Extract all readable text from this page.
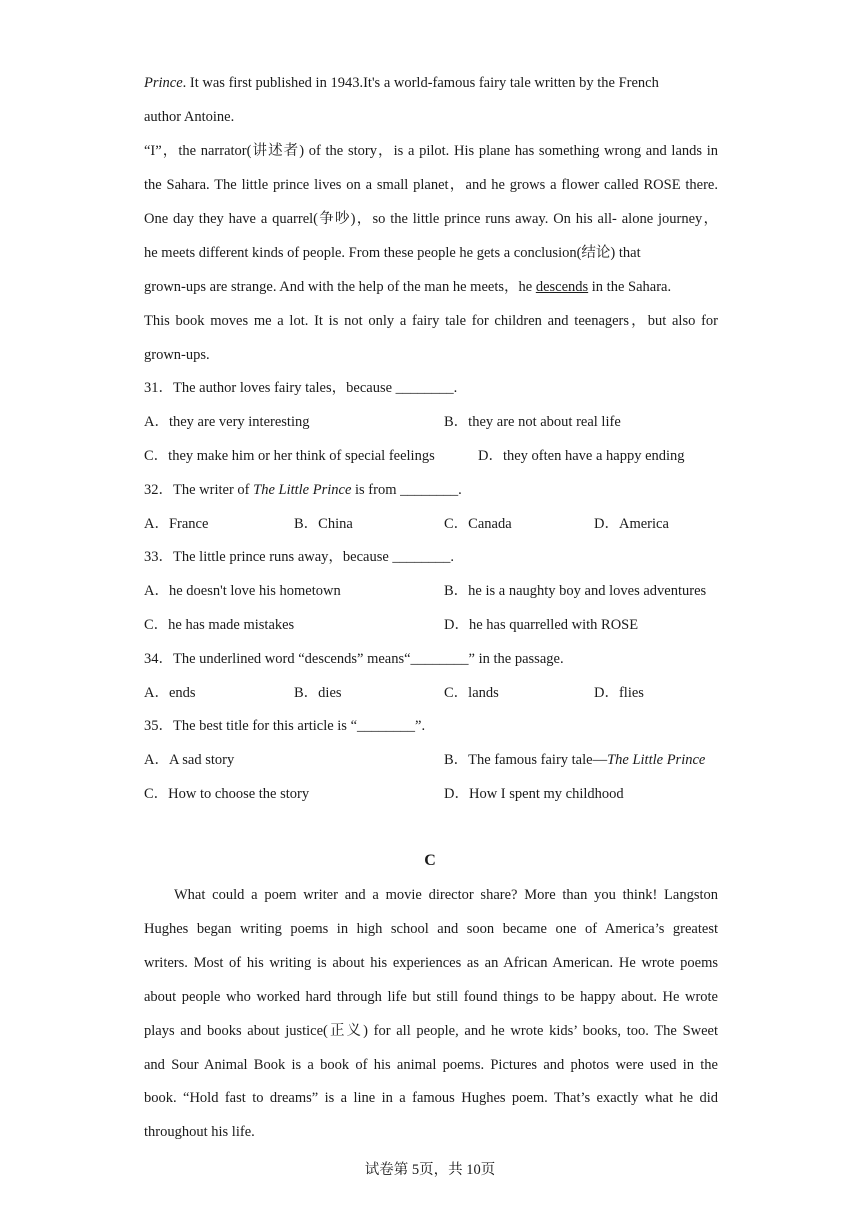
Prince. It was first published in 1943.It's a world-famous fairy tale written by the French
author Antoine.
“I”，the narrator(讲述者) of the story，is a pilot. His plane has something wrong and lands in
the Sahara. The little prince lives on a small planet，and he grows a flower called ROSE there.
One day they have a quarrel(争吵)，so the little prince runs away. On his all- alone journey，
he meets different kinds of people. From these people he gets a conclusion(结论) that
grown-ups are strange. And with the help of the man he meets，he descends in the Sahara.
This book moves me a lot. It is not only a fairy tale for children and teenagers，but also for
grown-ups.
31．The author loves fairy tales，because ________.
A．they are very interesting	B．they are not about real life
C．they make him or her think of special feelings	D．they often have a happy ending
32．The writer of The Little Prince is from ________.
A．France	B．China	C．Canada	D．America
33．The little prince runs away，because ________.
A．he doesn't love his hometown	B．he is a naughty boy and loves adventures
C．he has made mistakes	D．he has quarrelled with ROSE
34．The underlined word “descends” means“________” in the passage.
A．ends	B．dies	C．lands	D．flies
35．The best title for this article is “________”.
A．A sad story	B．The famous fairy tale—The Little Prince
C．How to choose the story	D．How I spent my childhood
C
What could a poem writer and a movie director share? More than you think! Langston
Hughes began writing poems in high school and soon became one of America’s greatest
writers. Most of his writing is about his experiences as an African American. He wrote poems
about people who worked hard through life but still found things to be happy about. He wrote
plays and books about justice(正义) for all people, and he wrote kids’ books, too. The Sweet
and Sour Animal Book is a book of his animal poems. Pictures and photos were used in the
book. “Hold fast to dreams” is a line in a famous Hughes poem. That’s exactly what he did
throughout his life.
试卷第 5页，共 10页
